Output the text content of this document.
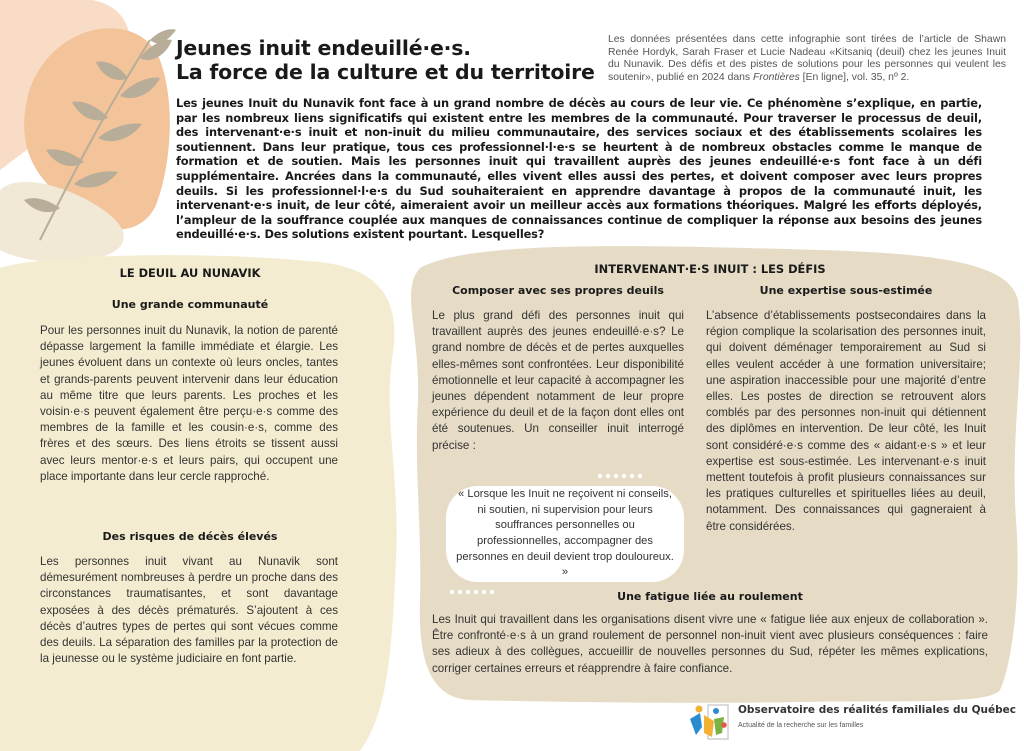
Jeunes inuit endeuillé·e·s.
La force de la culture et du territoire
Les données présentées dans cette infographie sont tirées de l’article de Shawn Renée Hordyk, Sarah Fraser et Lucie Nadeau «Kitsaniq (deuil) chez les jeunes Inuit du Nunavik. Des défis et des pistes de solutions pour les personnes qui veulent les soutenir», publié en 2024 dans Frontières [En ligne], vol. 35, nº 2.
Les jeunes Inuit du Nunavik font face à un grand nombre de décès au cours de leur vie. Ce phénomène s’explique, en partie, par les nombreux liens significatifs qui existent entre les membres de la communauté. Pour traverser le processus de deuil, des intervenant·e·s inuit et non-inuit du milieu communautaire, des services sociaux et des établissements scolaires les soutiennent. Dans leur pratique, tous ces professionnel·l·e·s se heurtent à de nombreux obstacles comme le manque de formation et de soutien. Mais les personnes inuit qui travaillent auprès des jeunes endeuillé·e·s font face à un défi supplémentaire. Ancrées dans la communauté, elles vivent elles aussi des pertes, et doivent composer avec leurs propres deuils. Si les professionnel·l·e·s du Sud souhaiteraient en apprendre davantage à propos de la communauté inuit, les intervenant·e·s inuit, de leur côté, aimeraient avoir un meilleur accès aux formations théoriques. Malgré les efforts déployés, l’ampleur de la souffrance couplée aux manques de connaissances continue de compliquer la réponse aux besoins des jeunes endeuillé·e·s. Des solutions existent pourtant. Lesquelles?
LE DEUIL AU NUNAVIK
Une grande communauté
Pour les personnes inuit du Nunavik, la notion de parenté dépasse largement la famille immédiate et élargie. Les jeunes évoluent dans un contexte où leurs oncles, tantes et grands-parents peuvent intervenir dans leur éducation au même titre que leurs parents. Les proches et les voisin·e·s peuvent également être perçu·e·s comme des membres de la famille et les cousin·e·s, comme des frères et des sœurs. Des liens étroits se tissent aussi avec leurs mentor·e·s et leurs pairs, qui occupent une place importante dans leur cercle rapproché.
Des risques de décès élevés
Les personnes inuit vivant au Nunavik sont démesurément nombreuses à perdre un proche dans des circonstances traumatisantes, et sont davantage exposées à des décès prématurés. S’ajoutent à ces décès d’autres types de pertes qui sont vécues comme des deuils. La séparation des familles par la protection de la jeunesse ou le système judiciaire en font partie.
INTERVENANT·E·S INUIT : LES DÉFIS
Composer avec ses propres deuils
Le plus grand défi des personnes inuit qui travaillent auprès des jeunes endeuillé·e·s? Le grand nombre de décès et de pertes auxquelles elles-mêmes sont confrontées. Leur disponibilité émotionnelle et leur capacité à accompagner les jeunes dépendent notamment de leur propre expérience du deuil et de la façon dont elles ont été soutenues. Un conseiller inuit interrogé précise :

« Lorsque les Inuit ne reçoivent ni conseils, ni soutien, ni supervision pour leurs souffrances personnelles ou professionnelles, accompagner des personnes en deuil devient trop douloureux. »

Une expertise sous-estimée
L’absence d’établissements postsecondaires dans la région complique la scolarisation des personnes inuit, qui doivent déménager temporairement au Sud si elles veulent accéder à une formation universitaire; une aspiration inaccessible pour une majorité d’entre elles. Les postes de direction se retrouvent alors comblés par des personnes non-inuit qui détiennent des diplômes en intervention. De leur côté, les Inuit sont considéré·e·s comme des « aidant·e·s » et leur expertise est sous-estimée. Les intervenant·e·s inuit mettent toutefois à profit plusieurs connaissances sur les pratiques culturelles et spirituelles liées au deuil, notamment. Des connaissances qui gagneraient à être considérées.
Une fatigue liée au roulement
Les Inuit qui travaillent dans les organisations disent vivre une « fatigue liée aux enjeux de collaboration ». Être confronté·e·s à un grand roulement de personnel non-inuit vient avec plusieurs conséquences : faire ses adieux à des collègues, accueillir de nouvelles personnes du Sud, répéter les mêmes explications, corriger certaines erreurs et réapprendre à faire confiance.
Observatoire des réalités familiales du Québec
Actualité de la recherche sur les familles
